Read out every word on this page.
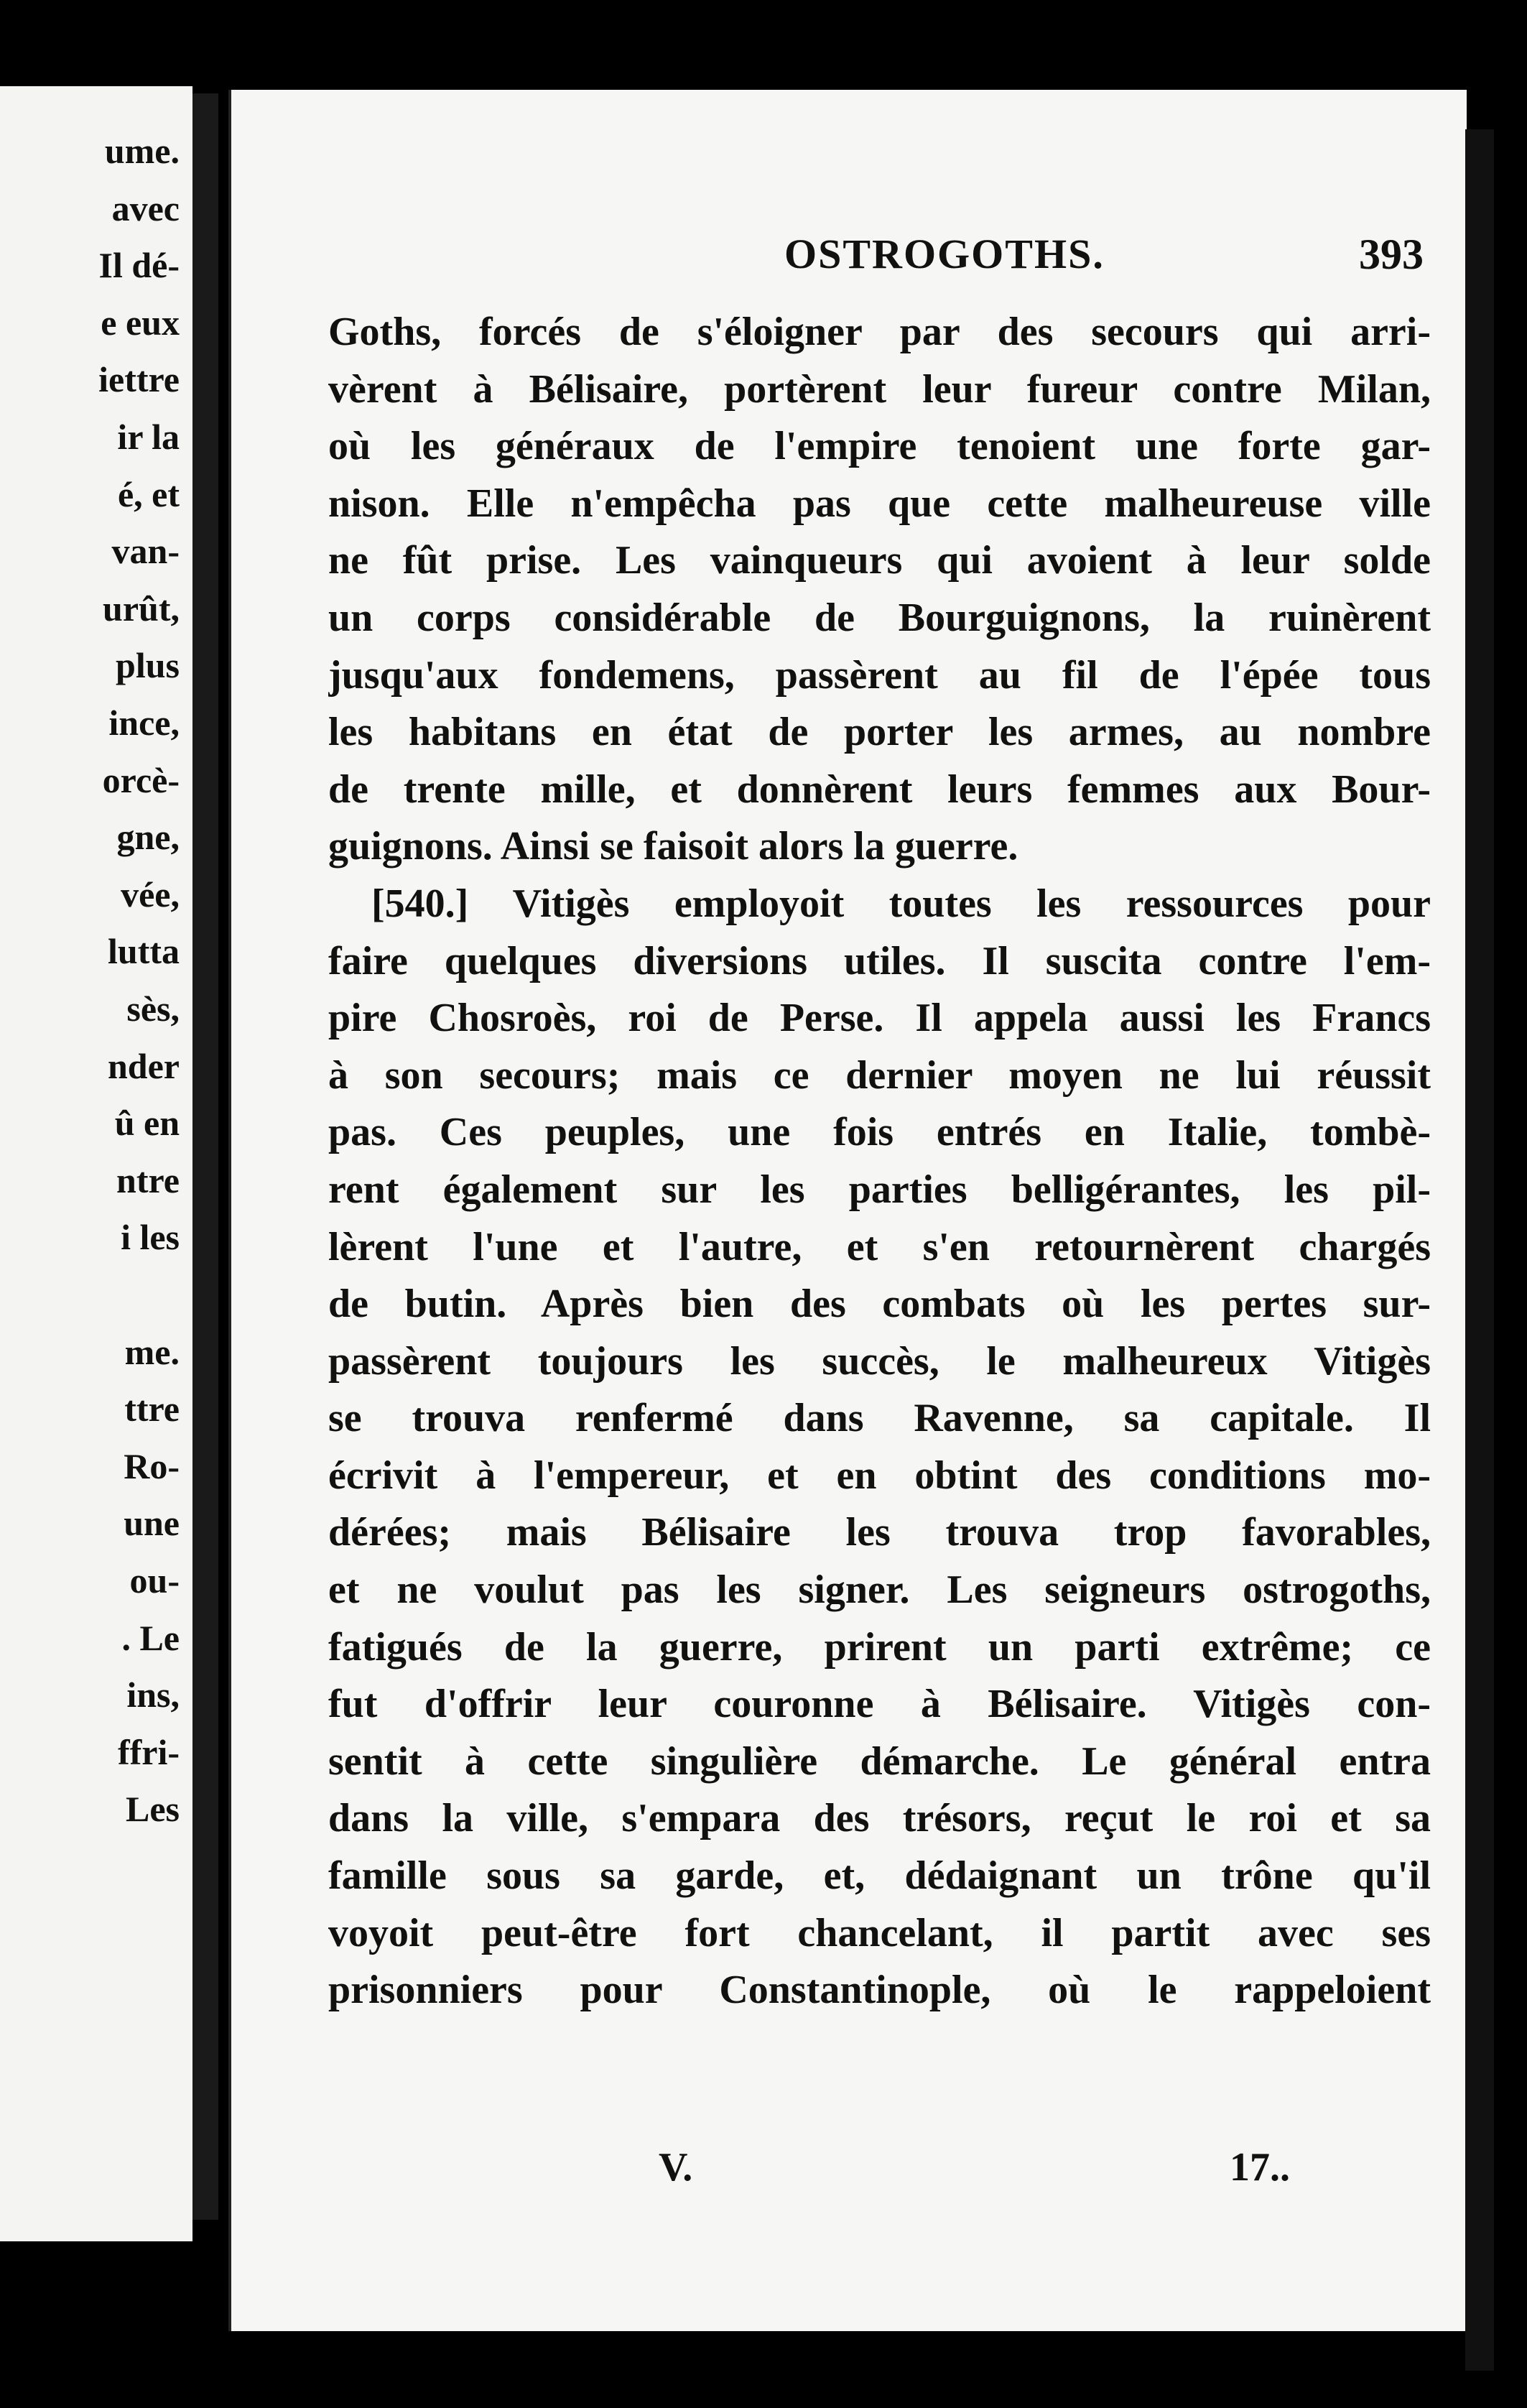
ume.
avec
Il dé-
e eux
iettre
ir la
é, et
van-
urût,
plus
ince,
orcè-
gne,
vée,
lutta
sès,
nder
û en
ntre
i les
me.
ttre
Ro-
une
ou-
. Le
ins,
ffri-
Les
OSTROGOTHS.	393
Goths, forcés de s'éloigner par des secours qui arri-
vèrent à Bélisaire, portèrent leur fureur contre Milan,
où les généraux de l'empire tenoient une forte gar-
nison. Elle n'empêcha pas que cette malheureuse ville
ne fût prise. Les vainqueurs qui avoient à leur solde
un corps considérable de Bourguignons, la ruinèrent
jusqu'aux fondemens, passèrent au fil de l'épée tous
les habitans en état de porter les armes, au nombre
de trente mille, et donnèrent leurs femmes aux Bour-
guignons. Ainsi se faisoit alors la guerre.
[540.] Vitigès employoit toutes les ressources pour
faire quelques diversions utiles. Il suscita contre l'em-
pire Chosroès, roi de Perse. Il appela aussi les Francs
à son secours; mais ce dernier moyen ne lui réussit
pas. Ces peuples, une fois entrés en Italie, tombè-
rent également sur les parties belligérantes, les pil-
lèrent l'une et l'autre, et s'en retournèrent chargés
de butin. Après bien des combats où les pertes sur-
passèrent toujours les succès, le malheureux Vitigès
se trouva renfermé dans Ravenne, sa capitale. Il
écrivit à l'empereur, et en obtint des conditions mo-
dérées; mais Bélisaire les trouva trop favorables,
et ne voulut pas les signer. Les seigneurs ostrogoths,
fatigués de la guerre, prirent un parti extrême; ce
fut d'offrir leur couronne à Bélisaire. Vitigès con-
sentit à cette singulière démarche. Le général entra
dans la ville, s'empara des trésors, reçut le roi et sa
famille sous sa garde, et, dédaignant un trône qu'il
voyoit peut-être fort chancelant, il partit avec ses
prisonniers pour Constantinople, où le rappeloient
V.	17..
